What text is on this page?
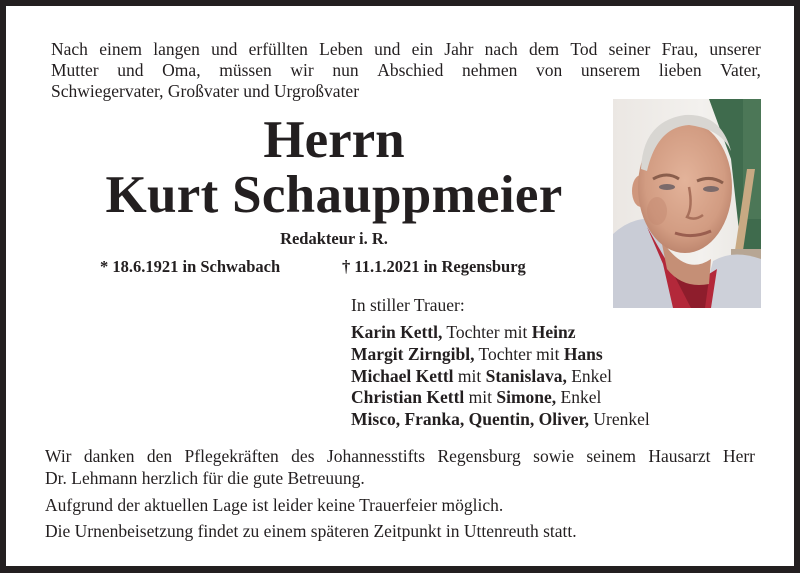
Nach einem langen und erfüllten Leben und ein Jahr nach dem Tod seiner Frau, unserer
Mutter und Oma, müssen wir nun Abschied nehmen von unserem lieben Vater,
Schwiegervater, Großvater und Urgroßvater
Herrn
Kurt Schauppmeier
Redakteur i. R.
* 18.6.1921 in Schwabach	† 11.1.2021 in Regensburg
In stiller Trauer:
Karin Kettl, Tochter mit Heinz
Margit Zirngibl, Tochter mit Hans
Michael Kettl mit Stanislava, Enkel
Christian Kettl mit Simone, Enkel
Misco, Franka, Quentin, Oliver, Urenkel
Wir danken den Pflegekräften des Johannesstifts Regensburg sowie seinem Hausarzt Herr
Dr. Lehmann herzlich für die gute Betreuung.
Aufgrund der aktuellen Lage ist leider keine Trauerfeier möglich.
Die Urnenbeisetzung findet zu einem späteren Zeitpunkt in Uttenreuth statt.
